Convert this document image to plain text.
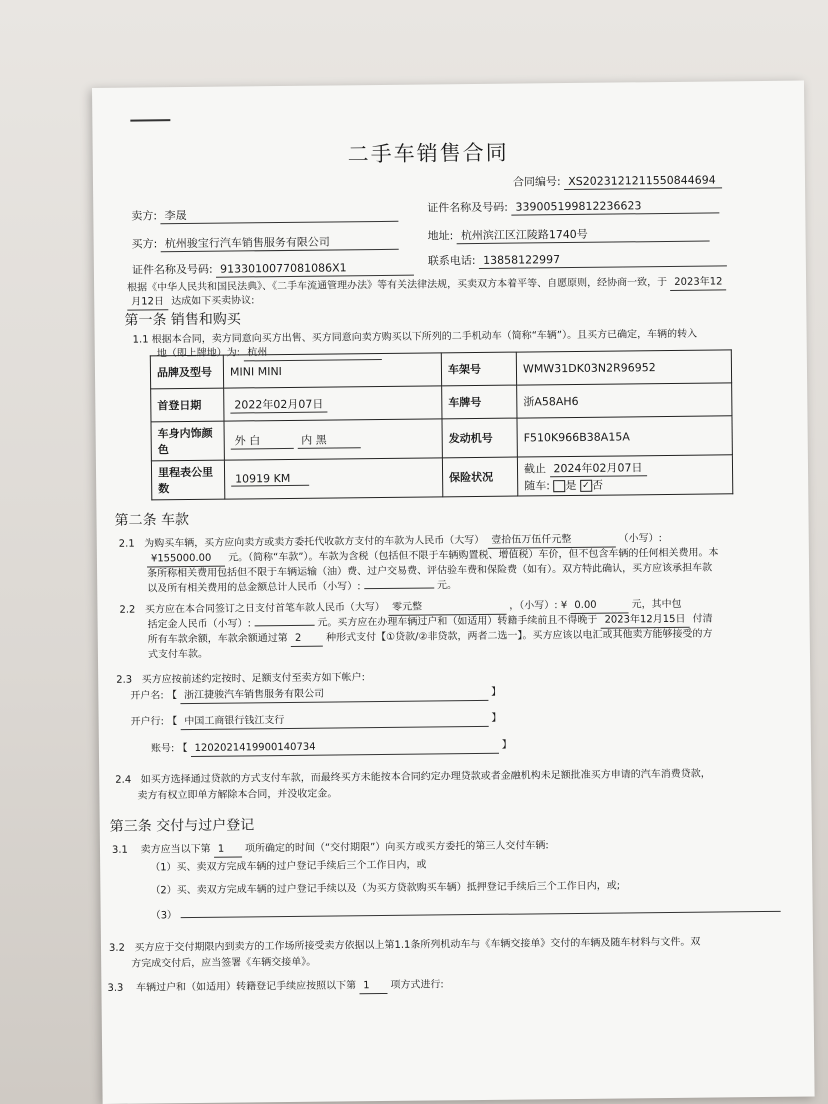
二手车销售合同
合同编号: XS20231212115508446​94
卖方: 李晟
证件名称及号码: 339005199812236623
买方: 杭州骏宝行汽车销售服务有限公司	地址: 杭州滨江区江陵路1740号
证件名称及号码: 913301007708​1086X1
联系电话: 13858122997
根据《中华人民共和国民法典》、《二手车流通管理办法》等有关法律法规，买卖双方本着平等、自愿原则，经协商一致，于 2023年12
月12日 达成如下买卖协议:
第一条 销售和购买
1.1 根据本合同，卖方同意向买方出售、买方同意向卖方购买以下所列的二手机动车（简称“车辆”）。且买方已确定，车辆的转入
地（即上牌地）为: 杭州
品牌及型号	MINI MINI	车架号	WMW31DK03N2R96952
首登日期	2022年02月07日	车牌号	浙A58AH6
车身内饰颜色	外 白 内 黑	发动机号	F510K966B38A15A
里程表公里数	10919 KM	保险状况	截止 2024年02月07日
随车: 是 ✓ 否
第二条 车款
2.1 为购买车辆，买方应向卖方或卖方委托代收款方支付的车款为人民币（大写） 壹拾伍万伍仟元整	（小写）:
¥155000.00 元。（简称“车款”）。车款为含税（包括但不限于车辆购置税、增值税）车价，但不包含车辆的任何相关费用。本
条所称相关费用包括但不限于车辆运输（油）费、过户交易费、评估验车费和保险费（如有）。双方特此确认，买方应该承担车款
以及所有相关费用的总金额总计人民币（小写）:	元。
2.2 买方应在本合同签订之日支付首笔车款人民币（大写） 零元整	，（小写）: ¥ 0.00	元，其中包
括定金人民币（小写）:	元。买方应在办理车辆过户和（如适用）转籍手续前且不得晚于 2023年12月15日 付清
所有车款余额，车款余额通过第 2 种形式支付【①贷款/②非贷款，两者二选一】。买方应该以电汇或其他卖方能够接受的方
式支付车款。
2.3 买方应按前述约定按时、足额支付至卖方如下帐户:
开户名: 【 浙江捷骏汽车销售服务有限公司	】
开户行: 【 中国工商银行钱江支行	】
账号: 【 1202021419900140734	】
2.4 如买方选择通过贷款的方式支付车款，而最终买方未能按本合同约定办理贷款或者金融机构未足额批准买方申请的汽车消费贷款，
卖方有权立即单方解除本合同，并没收定金。
第三条 交付与过户登记
3.1 卖方应当以下第 1 项所确定的时间（“交付期限”）向买方或买方委托的第三人交付车辆:
（1）买、卖双方完成车辆的过户登记手续后三个工作日内，或
（2）买、卖双方完成车辆的过户登记手续以及（为买方贷款购买车辆）抵押登记手续后三个工作日内，或;
（3）
3.2 买方应于交付期限内到卖方的工作场所接受卖方依据以上第1.1条所列机动车与《车辆交接单》交付的车辆及随车材料与文件。双
方完成交付后，应当签署《车辆交接单》。
3.3 车辆过户和（如适用）转籍登记手续应按照以下第 1 项方式进行:
